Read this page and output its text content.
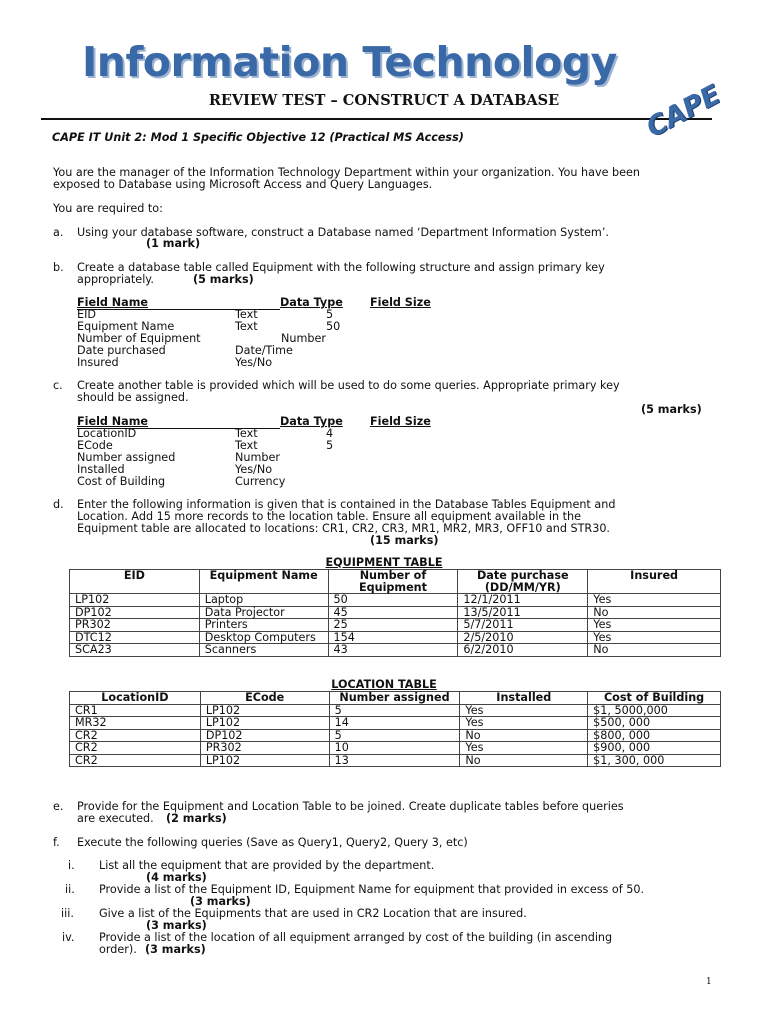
Information Technology
REVIEW TEST – CONSTRUCT A DATABASE	CAPE
CAPE IT Unit 2: Mod 1 Specific Objective 12 (Practical MS Access)
You are the manager of the Information Technology Department within your organization. You have been
exposed to Database using Microsoft Access and Query Languages.
You are required to:
a. Using your database software, construct a Database named ‘Department Information System’.
(1 mark)
b. Create a database table called Equipment with the following structure and assign primary key
appropriately.	(5 marks)
Field Name	Data Type Field Size
EID	Text	5
Equipment Name	Text	50
Number of Equipment	Number
Date purchased	Date/Time
Insured	Yes/No
c. Create another table is provided which will be used to do some queries. Appropriate primary key
should be assigned.
(5 marks)
Field Name	Data Type Field Size
LocationID	Text	4
ECode	Text	5
Number assigned	Number
Installed	Yes/No
Cost of Building	Currency
d. Enter the following information is given that is contained in the Database Tables Equipment and
Location. Add 15 more records to the location table. Ensure all equipment available in the
Equipment table are allocated to locations: CR1, CR2, CR3, MR1, MR2, MR3, OFF10 and STR30.
(15 marks)
EQUIPMENT TABLE
EID	Equipment Name	Number of Equipment	Date purchase (DD/MM/YR)	Insured
LP102	Laptop	50	12/1/2011	Yes
DP102	Data Projector	45	13/5/2011	No
PR302	Printers	25	5/7/2011	Yes
DTC12	Desktop Computers	154	2/5/2010	Yes
SCA23	Scanners	43	6/2/2010	No
LOCATION TABLE
LocationID	ECode	Number assigned	Installed	Cost of Building
CR1	LP102	5	Yes	$1, 5000,000
MR32	LP102	14	Yes	$500, 000
CR2	DP102	5	No	$800, 000
CR2	PR302	10	Yes	$900, 000
CR2	LP102	13	No	$1, 300, 000
e. Provide for the Equipment and Location Table to be joined. Create duplicate tables before queries
are executed. (2 marks)
f. Execute the following queries (Save as Query1, Query2, Query 3, etc)
i. List all the equipment that are provided by the department.
(4 marks)
ii. Provide a list of the Equipment ID, Equipment Name for equipment that provided in excess of 50.
(3 marks)
iii. Give a list of the Equipments that are used in CR2 Location that are insured.
(3 marks)
iv. Provide a list of the location of all equipment arranged by cost of the building (in ascending
order). (3 marks)
1
